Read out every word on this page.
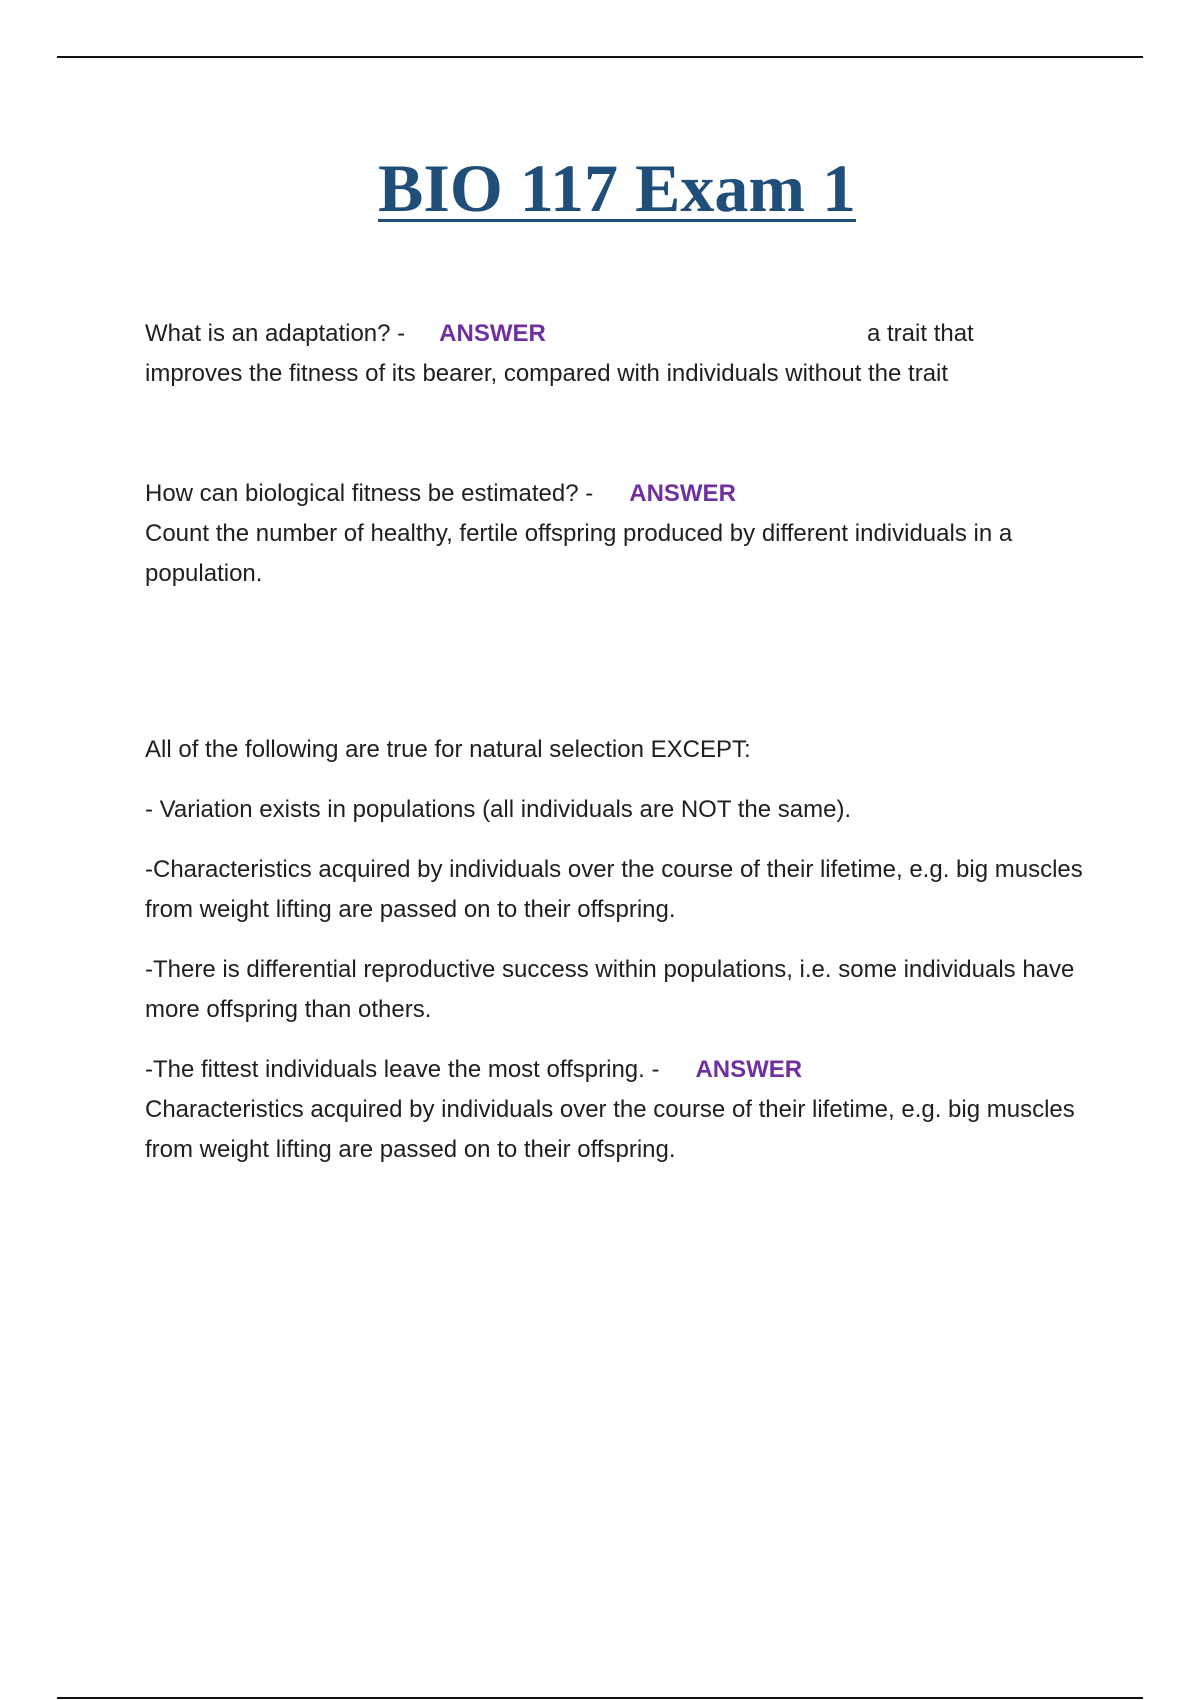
BIO 117 Exam 1
What is an adaptation? - ANSWER	a trait that

improves the fitness of its bearer, compared with individuals without the trait
How can biological fitness be estimated? - ANSWER
Count the number of healthy, fertile offspring produced by different individuals in a population.

All of the following are true for natural selection EXCEPT:

- Variation exists in populations (all individuals are NOT the same).

-Characteristics acquired by individuals over the course of their lifetime, e.g. big muscles from weight lifting are passed on to their offspring.

-There is differential reproductive success within populations, i.e. some individuals have more offspring than others.

-The fittest individuals leave the most offspring. - ANSWER
Characteristics acquired by individuals over the course of their lifetime, e.g. big muscles from weight lifting are passed on to their offspring.
